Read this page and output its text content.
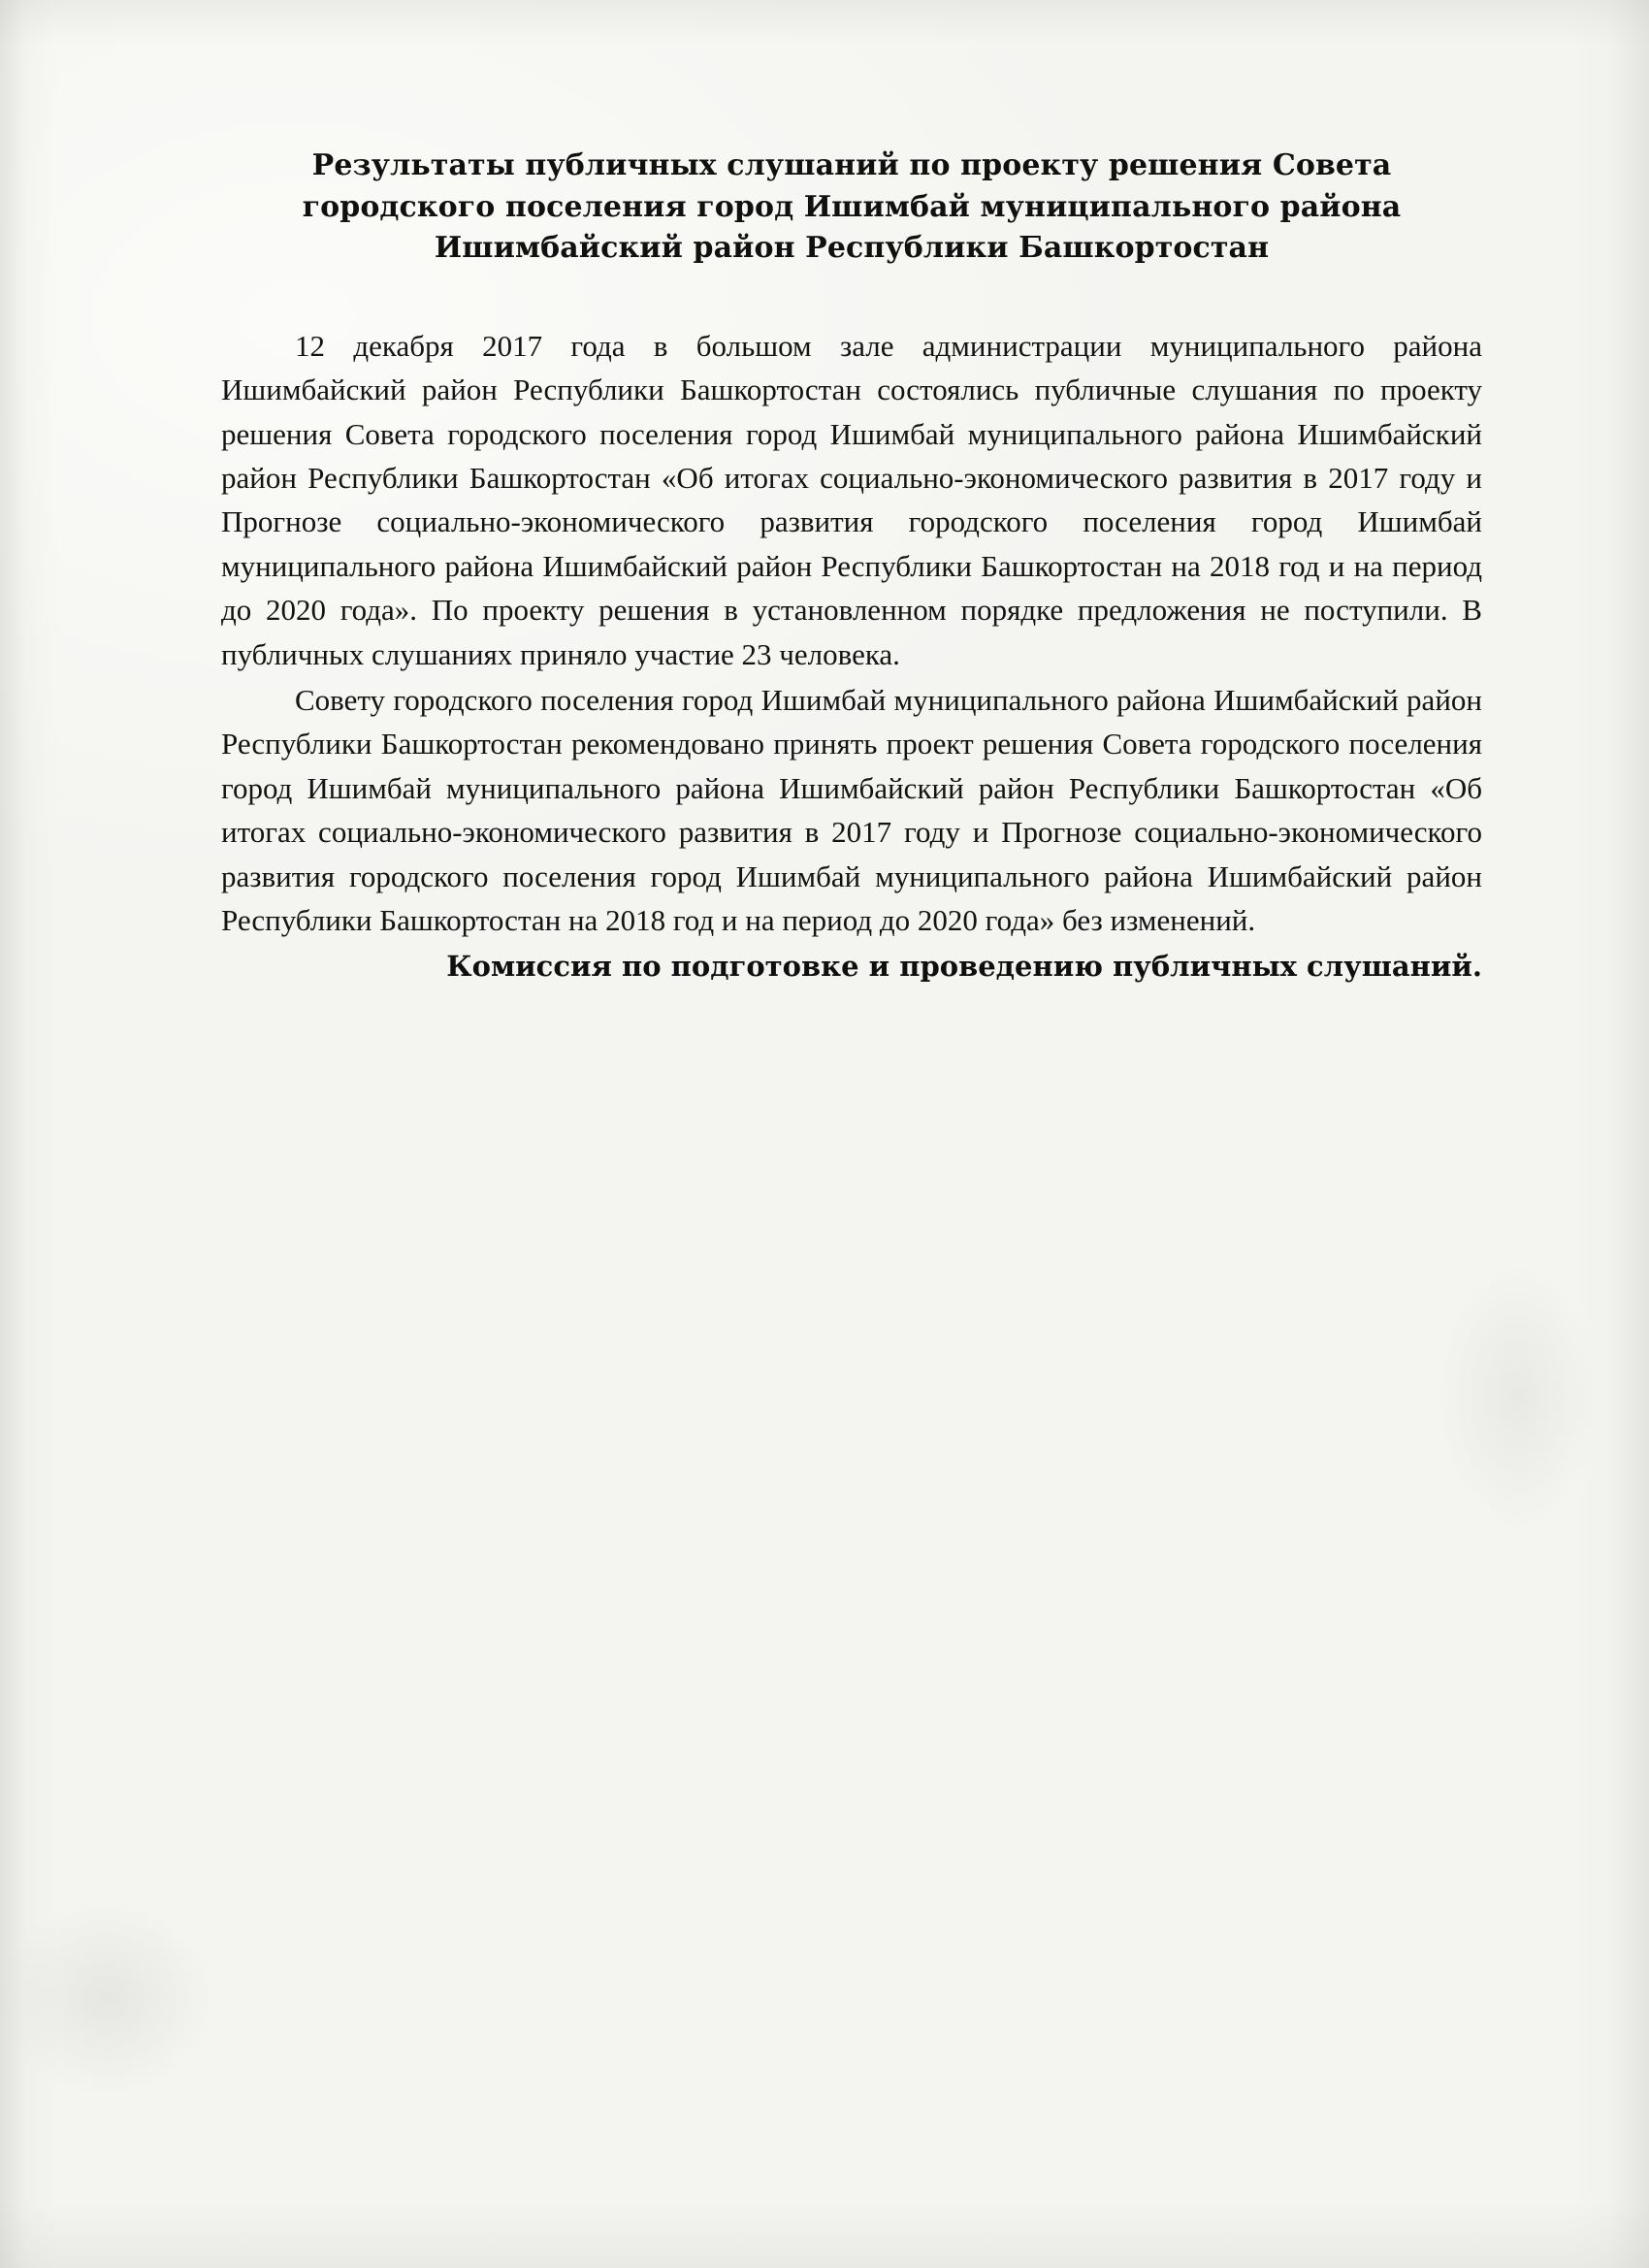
Результаты публичных слушаний по проекту решения Совета городского поселения город Ишимбай муниципального района Ишимбайский район Республики Башкортостан

12 декабря 2017 года в большом зале администрации муниципального района Ишимбайский район Республики Башкортостан состоялись публичные слушания по проекту решения Совета городского поселения город Ишимбай муниципального района Ишимбайский район Республики Башкортостан «Об итогах социально-экономического развития в 2017 году и Прогнозе социально-экономического развития городского поселения город Ишимбай муниципального района Ишимбайский район Республики Башкортостан на 2018 год и на период до 2020 года». По проекту решения в установленном порядке предложения не поступили. В публичных слушаниях приняло участие 23 человека.

Совету городского поселения город Ишимбай муниципального района Ишимбайский район Республики Башкортостан рекомендовано принять проект решения Совета городского поселения город Ишимбай муниципального района Ишимбайский район Республики Башкортостан «Об итогах социально-экономического развития в 2017 году и Прогнозе социально-экономического развития городского поселения город Ишимбай муниципального района Ишимбайский район Республики Башкортостан на 2018 год и на период до 2020 года» без изменений.

Комиссия по подготовке и проведению публичных слушаний.
